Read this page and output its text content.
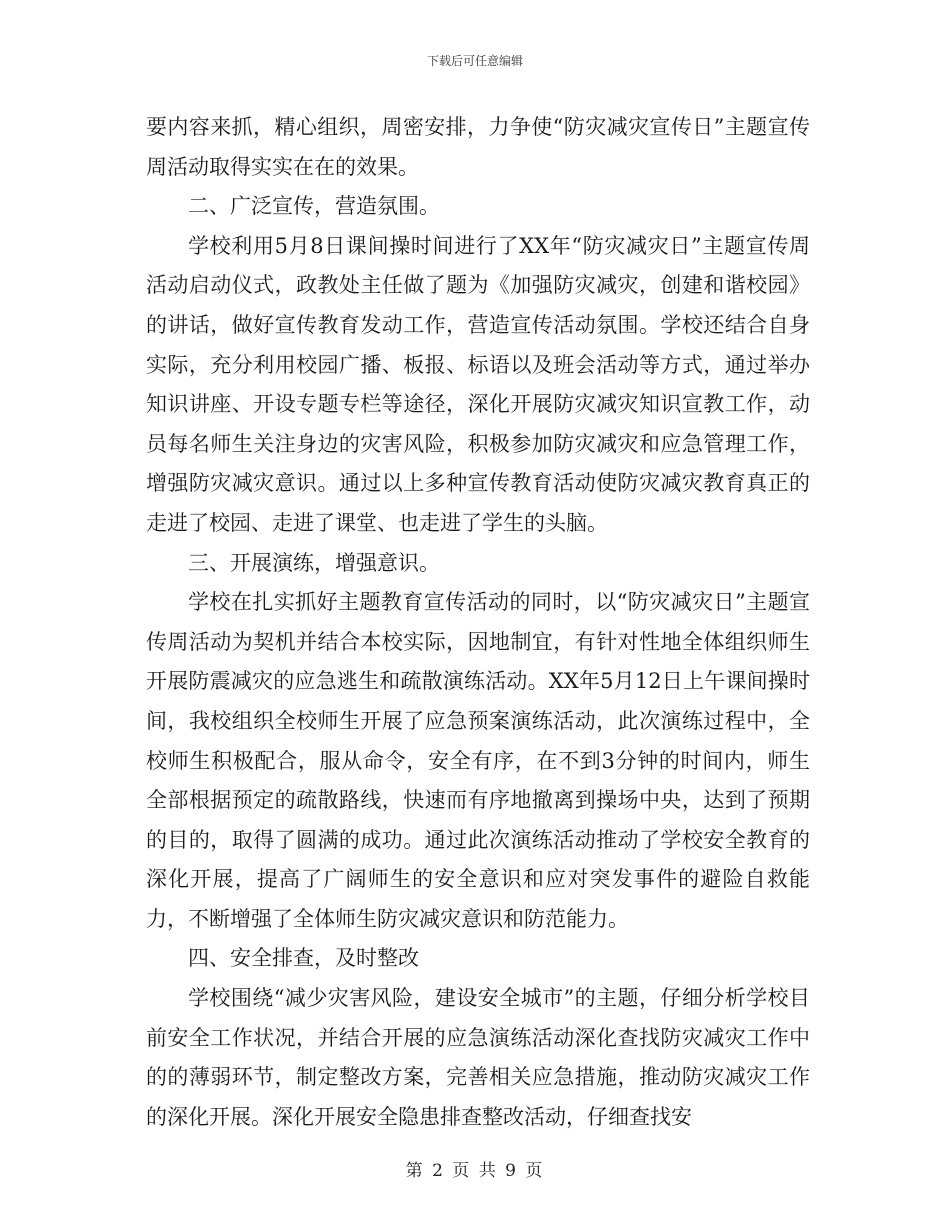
下载后可任意编辑

要内容来抓，精心组织，周密安排，力争使“防灾减灾宣传日”主题宣传周活动取得实实在在的效果。

二、广泛宣传，营造氛围。

学校利用5月8日课间操时间进行了XX年“防灾减灾日”主题宣传周活动启动仪式，政教处主任做了题为《加强防灾减灾，创建和谐校园》的讲话，做好宣传教育发动工作，营造宣传活动氛围。学校还结合自身实际，充分利用校园广播、板报、标语以及班会活动等方式，通过举办知识讲座、开设专题专栏等途径，深化开展防灾减灾知识宣教工作，动员每名师生关注身边的灾害风险，积极参加防灾减灾和应急管理工作，增强防灾减灾意识。通过以上多种宣传教育活动使防灾减灾教育真正的走进了校园、走进了课堂、也走进了学生的头脑。

三、开展演练，增强意识。

学校在扎实抓好主题教育宣传活动的同时，以“防灾减灾日”主题宣传周活动为契机并结合本校实际，因地制宜，有针对性地全体组织师生开展防震减灾的应急逃生和疏散演练活动。XX年5月12日上午课间操时间，我校组织全校师生开展了应急预案演练活动，此次演练过程中，全校师生积极配合，服从命令，安全有序，在不到3分钟的时间内，师生全部根据预定的疏散路线，快速而有序地撤离到操场中央，达到了预期的目的，取得了圆满的成功。通过此次演练活动推动了学校安全教育的深化开展，提高了广阔师生的安全意识和应对突发事件的避险自救能力，不断增强了全体师生防灾减灾意识和防范能力。

四、安全排查，及时整改

学校围绕“减少灾害风险，建设安全城市”的主题，仔细分析学校目前安全工作状况，并结合开展的应急演练活动深化查找防灾减灾工作中的的薄弱环节，制定整改方案，完善相关应急措施，推动防灾减灾工作的深化开展。深化开展安全隐患排查整改活动，仔细查找安

第 2 页 共 9 页
